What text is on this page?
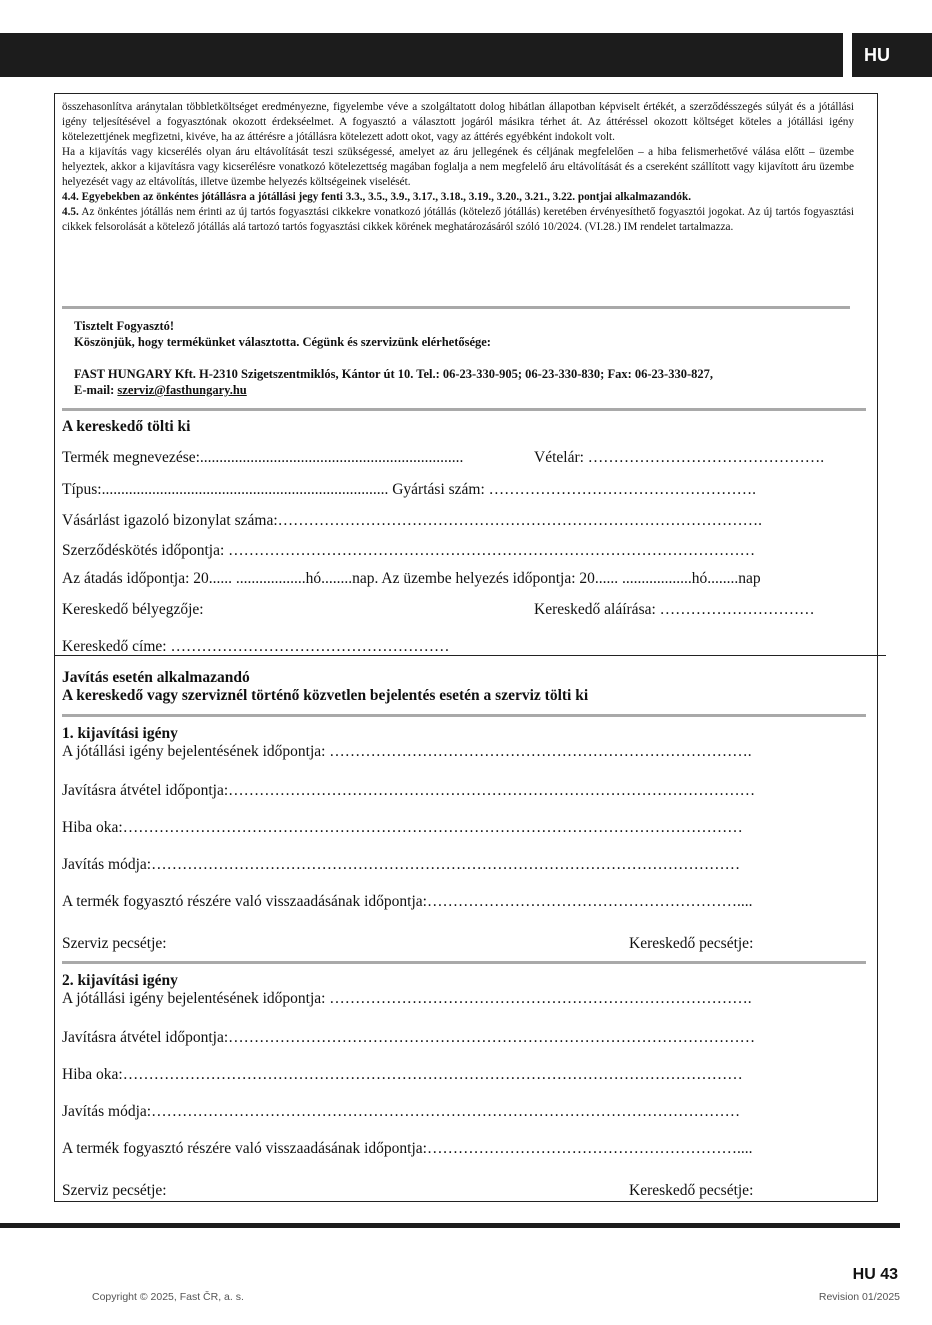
HU

összehasonlítva aránytalan többletköltséget eredményezne, figyelembe véve a szolgáltatott dolog hibátlan állapotban képviselt értékét, a szerződésszegés súlyát és a jótállási igény teljesítésével a fogyasztónak okozott érdekséelmet. A fogyasztó a választott jogáról másikra térhet át. Az áttéréssel okozott költséget köteles a jótállási igény kötelezettjének megfizetni, kivéve, ha az áttérésre a jótállásra kötelezett adott okot, vagy az áttérés egyébként indokolt volt.

Ha a kijavítás vagy kicserélés olyan áru eltávolítását teszi szükségessé, amelyet az áru jellegének és céljának megfelelően – a hiba felismerhetővé válása előtt – üzembe helyeztek, akkor a kijavításra vagy kicserélésre vonatkozó kötelezettség magában foglalja a nem megfelelő áru eltávolítását és a csereként szállított vagy kijavított áru üzembe helyezését vagy az eltávolítás, illetve üzembe helyezés költségeinek viselését.

4.4. Egyebekben az önkéntes jótállásra a jótállási jegy fenti 3.3., 3.5., 3.9., 3.17., 3.18., 3.19., 3.20., 3.21., 3.22. pontjai alkalmazandók.

4.5. Az önkéntes jótállás nem érinti az új tartós fogyasztási cikkekre vonatkozó jótállás (kötelező jótállás) keretében érvényesíthető fogyasztói jogokat. Az új tartós fogyasztási cikkek felsorolását a kötelező jótállás alá tartozó tartós fogyasztási cikkek körének meghatározásáról szóló 10/2024. (VI.28.) IM rendelet tartalmazza.

Tisztelt Fogyasztó!
Köszönjük, hogy termékünket választotta. Cégünk és szervizünk elérhetősége:
FAST HUNGARY Kft. H-2310 Szigetszentmiklós, Kántor út 10. Tel.: 06-23-330-905; 06-23-330-830; Fax: 06-23-330-827,
E-mail: szerviz@fasthungary.hu
A kereskedő tölti ki
Termék megnevezése:....................................................................	Vételár: ……………………………………….
Típus:.......................................................................... Gyártási szám: …………………………………………….
Vásárlást igazoló bizonylat száma:………………………………………………………………………………….
Szerződéskötés időpontja: …………………………………………………………………………………………
Az átadás időpontja: 20...... ..................hó........nap. Az üzembe helyezés időpontja: 20...... ..................hó........nap
Kereskedő bélyegzője:	Kereskedő aláírása: …………………………
Kereskedő címe: ………………………………………………
Javítás esetén alkalmazandó
A kereskedő vagy szerviznél történő közvetlen bejelentés esetén a szerviz tölti ki
1. kijavítási igény
A jótállási igény bejelentésének időpontja: ……………………………………………………………………….
Javításra átvétel időpontja:…………………………………………………………………………………………
Hiba oka:…………………………………………………………………………………………………………
Javítás módja:……………………………………………………………………………………………………
A termék fogyasztó részére való visszaadásának időpontja:……………………………………………………....
Szerviz pecsétje:	Kereskedő pecsétje:
2. kijavítási igény
A jótállási igény bejelentésének időpontja: ……………………………………………………………………….
Javításra átvétel időpontja:…………………………………………………………………………………………
Hiba oka:…………………………………………………………………………………………………………
Javítás módja:……………………………………………………………………………………………………
A termék fogyasztó részére való visszaadásának időpontja:……………………………………………………....
Szerviz pecsétje:	Kereskedő pecsétje:
HU 43
Copyright © 2025, Fast ČR, a. s.	Revision 01/2025
